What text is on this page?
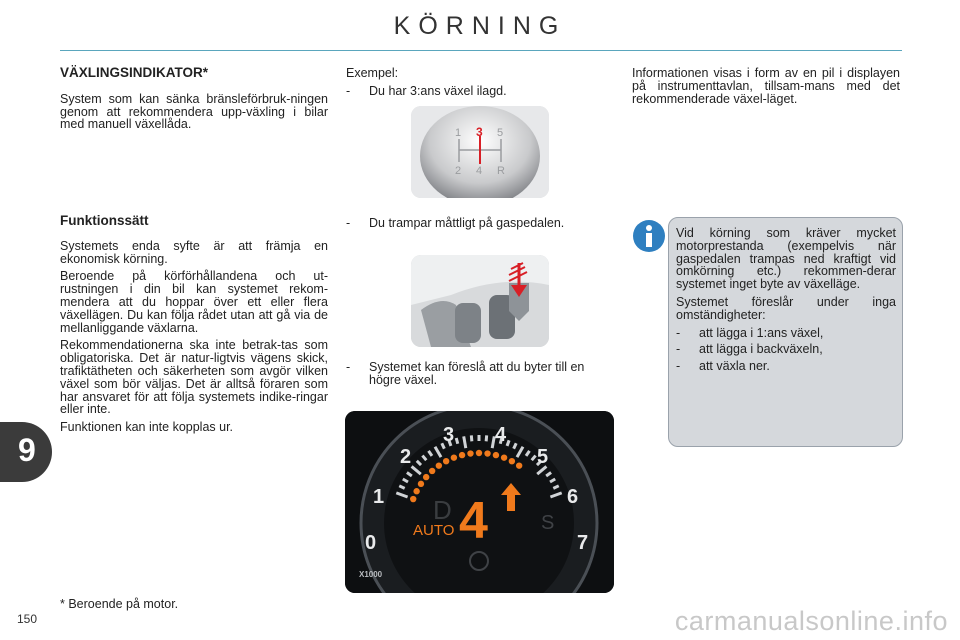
KÖRNING
9
150
VÄXLINGSINDIKATOR*

System som kan sänka bränsleförbruk-ningen genom att rekommendera upp-växling i bilar med manuell växellåda.

Funktionssätt

Systemets enda syfte är att främja en ekonomisk körning.

Beroende på körförhållandena och ut-rustningen i din bil kan systemet rekom-mendera att du hoppar över ett eller flera växellägen. Du kan följa rådet utan att gå via de mellanliggande växlarna.

Rekommendationerna ska inte betrak-tas som obligatoriska. Det är natur-ligtvis vägens skick, trafiktätheten och säkerheten som avgör vilken växel som bör väljas. Det är alltså föraren som har ansvaret för att följa systemets indike-ringar eller inte.

Funktionen kan inte kopplas ur.

* Beroende på motor.
Exempel:
- Du har 3:ans växel ilagd.
1 3 5
2 4 R
- Du trampar måttligt på gaspedalen.
- Systemet kan föreslå att du byter till en högre växel.
0
1
2
3 4
5
6
7
D
AUTO 4	S
X1000

Informationen visas i form av en pil i displayen på instrumenttavlan, tillsam-mans med det rekommenderade växel-läget.

Vid körning som kräver mycket motorprestanda (exempelvis när gaspedalen trampas ned kraftigt vid omkörning etc.) rekommen-derar systemet inget byte av växelläge.

Systemet föreslår under inga omständigheter:

- att lägga i 1:ans växel,
- att lägga i backväxeln,
- att växla ner.
carmanualsonline.info
